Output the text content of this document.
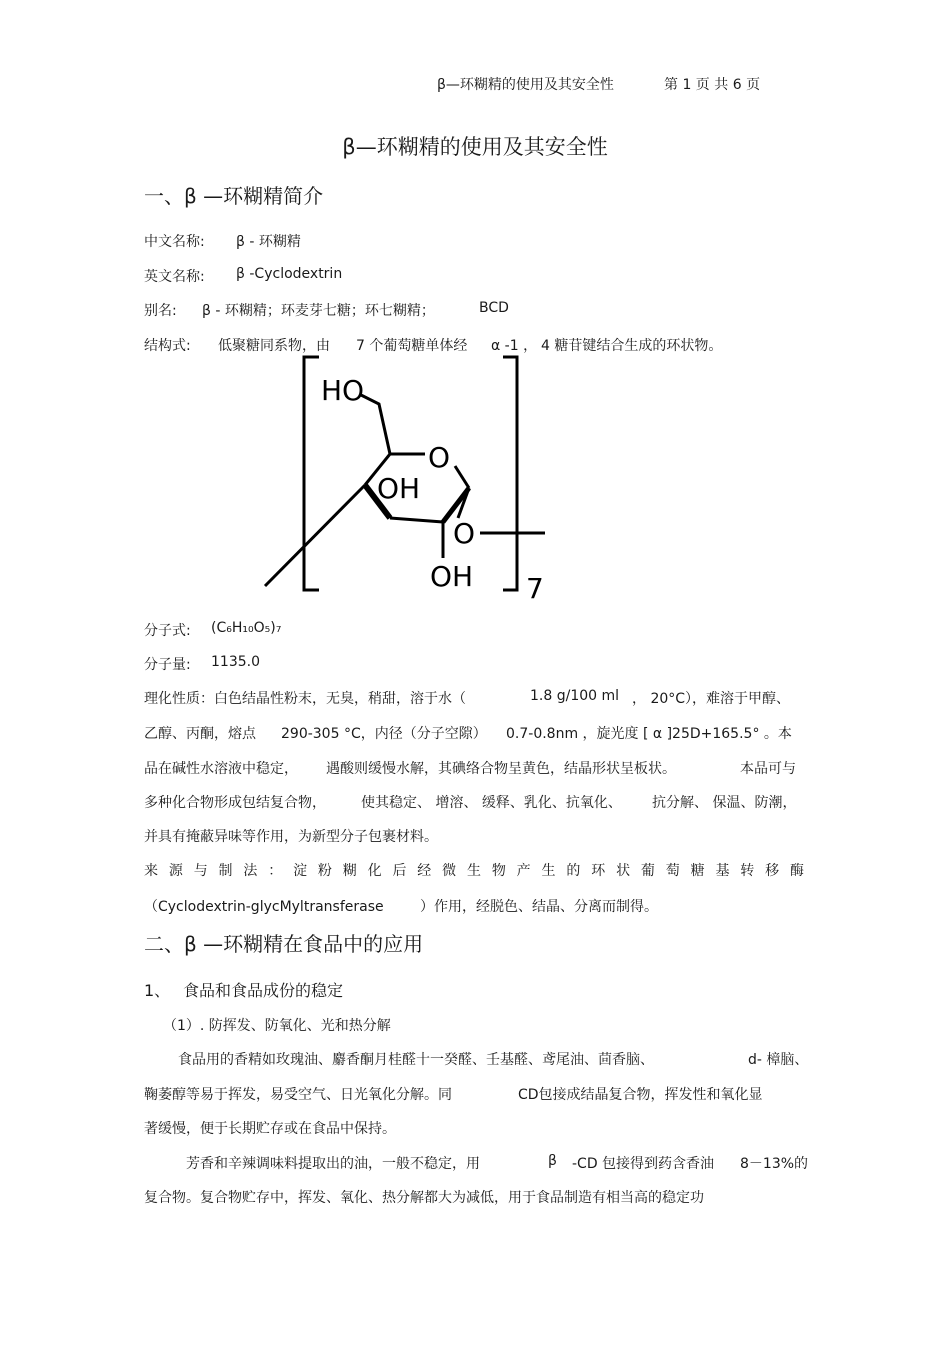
β—环糊精的使用及其安全性	第 1 页 共 6 页
β—环糊精的使用及其安全性
一、β —环糊精简介
中文名称: β - 环糊精
英文名称: β -Cyclodextrin
别名: β - 环糊精；环麦芽七糖；环七糊精；	BCD
结构式: 低聚糖同系物，由 7 个葡萄糖单体经 α -1 ， 4 糖苷键结合生成的环状物。
HO
O
OH
O
OH 7
分子式: (C₆H₁₀O₅)₇
分子量: 1135.0
理化性质：白色结晶性粉末，无臭，稍甜，溶于水（	1.8 g/100 ml ， 20°C），难溶于甲醇、
乙醇、丙酮，熔点 290-305 °C，内径（分子空隙） 0.7-0.8nm ，旋光度 [ α ]25D+165.5° 。本
品在碱性水溶液中稳定， 遇酸则缓慢水解，其碘络合物呈黄色，结晶形状呈板状。	本品可与
多种化合物形成包结复合物，	使其稳定、 增溶、 缓释、乳化、抗氧化、 抗分解、 保温、防潮，
并具有掩蔽异味等作用，为新型分子包裹材料。
来 源 与 制 法 ： 淀 粉 糊 化 后 经 微 生 物 产 生 的 环 状 葡 萄 糖 基 转 移 酶
（Cyclodextrin-glycMyltransferase	）作用，经脱色、结晶、分离而制得。
二、β —环糊精在食品中的应用
1、 食品和食品成份的稳定
（1）. 防挥发、防氧化、光和热分解
食品用的香精如玫瑰油、麝香酮月桂醛十一癸醛、壬基醛、鸢尾油、茴香脑、	d- 樟脑、
鞠萎醇等易于挥发，易受空气、日光氧化分解。同	CD包接成结晶复合物，挥发性和氧化显
著缓慢，便于长期贮存或在食品中保持。
芳香和辛辣调味料提取出的油，一般不稳定，用	β -CD 包接得到药含香油 8－13%的
复合物。复合物贮存中，挥发、氧化、热分解都大为减低，用于食品制造有相当高的稳定功
